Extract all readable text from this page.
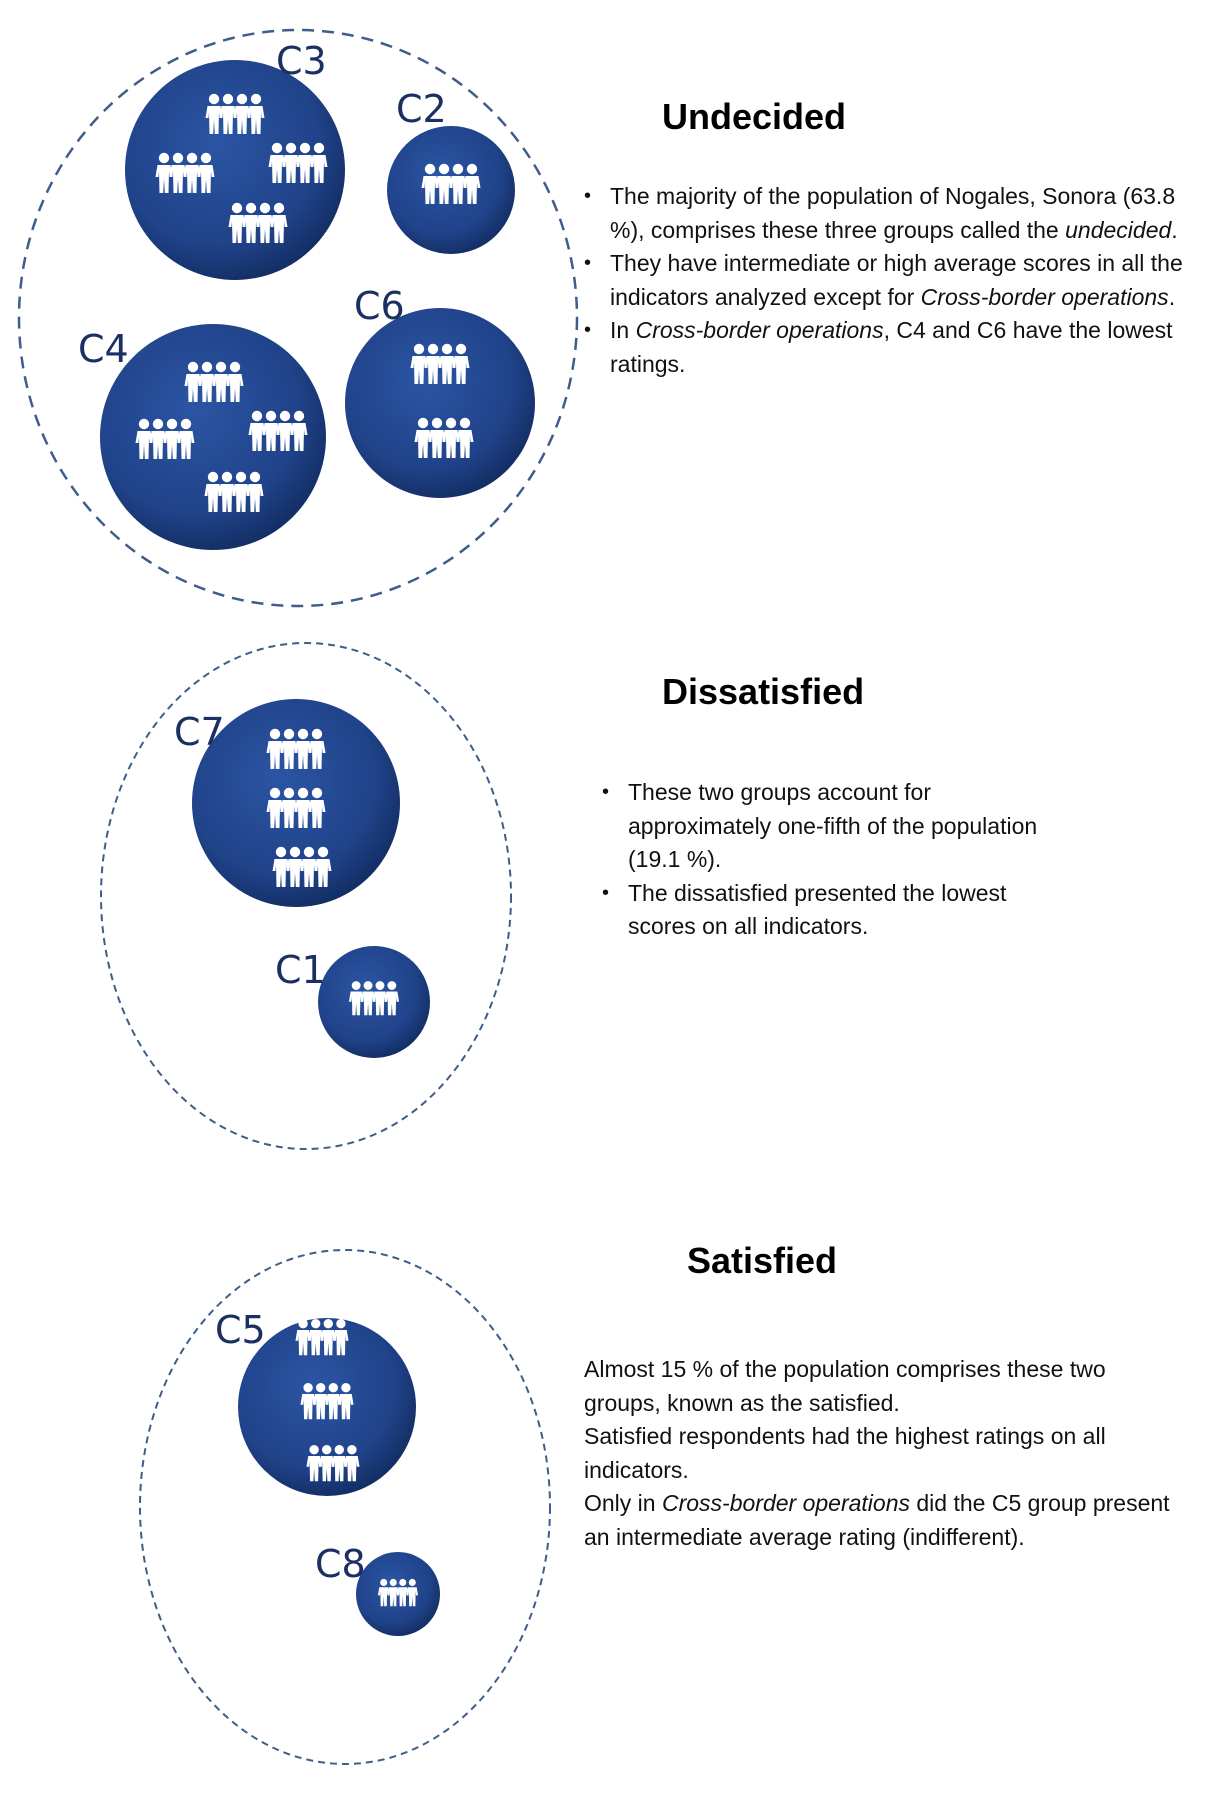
C3
C2
C6
C4
C7
C1
C5
C8
Undecided
• The majority of the population of Nogales, Sonora (63.8 %), comprises these three groups called the undecided.
• They have intermediate or high average scores in all the indicators analyzed except for Cross-border operations.
• In Cross-border operations, C4 and C6 have the lowest ratings.
Dissatisfied
• These two groups account for approximately one-fifth of the population (19.1 %).
• The dissatisfied presented the lowest scores on all indicators.
Satisfied

Almost 15 % of the population comprises these two groups, known as the satisfied.

Satisfied respondents had the highest ratings on all indicators.

Only in Cross-border operations did the C5 group present an intermediate average rating (indifferent).
